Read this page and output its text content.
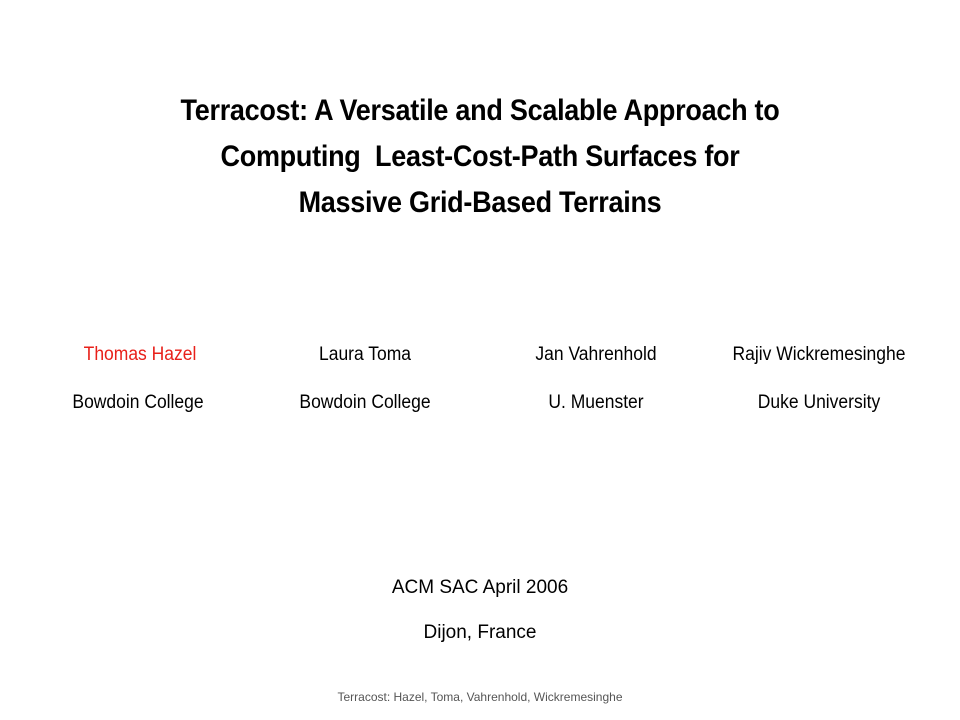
Terracost: A Versatile and Scalable Approach to
Computing  Least-Cost-Path Surfaces for
Massive Grid-Based Terrains
Thomas Hazel	Laura Toma	Jan Vahrenhold	Rajiv Wickremesinghe
Bowdoin College	Bowdoin College	U. Muenster	Duke University
ACM SAC April 2006
Dijon, France
Terracost: Hazel, Toma, Vahrenhold, Wickremesinghe
